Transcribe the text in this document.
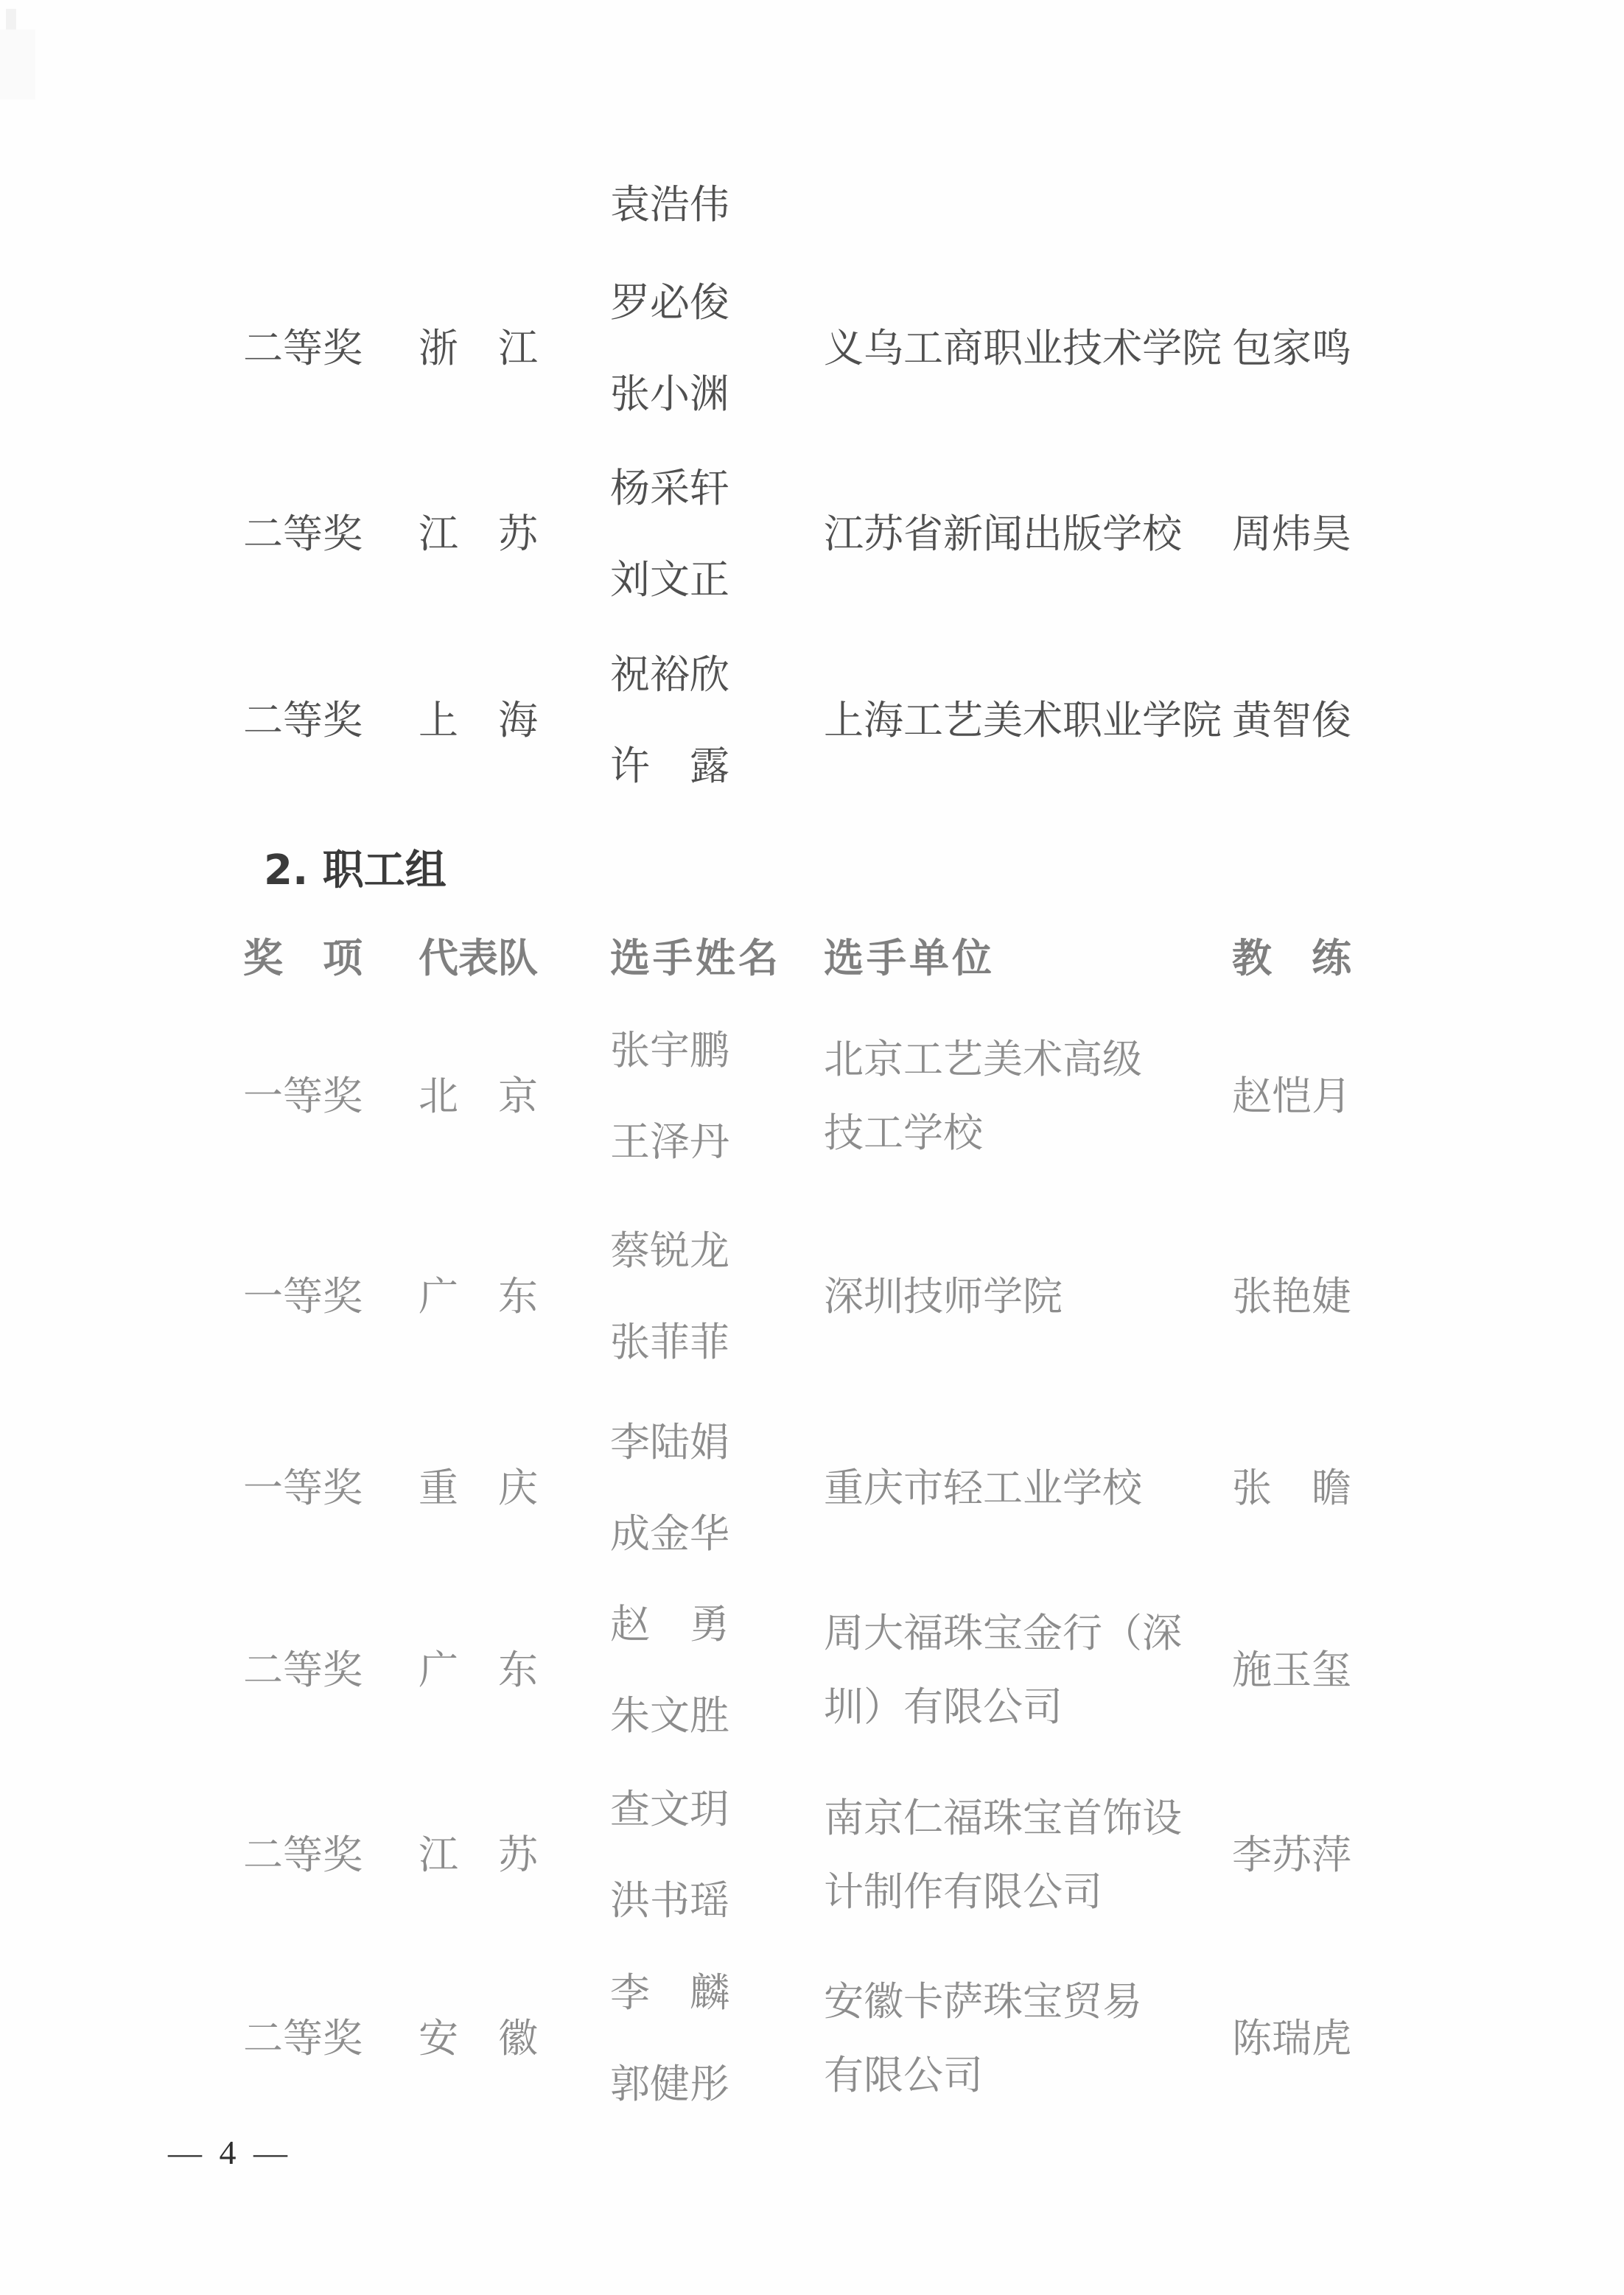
袁浩伟
二等奖 浙　江
罗必俊
张小渊
义乌工商职业技术学院 包家鸣
二等奖 江　苏
杨采轩
刘文正
江苏省新闻出版学校 周炜昊
二等奖 上　海
祝裕欣
许　露
上海工艺美术职业学院 黄智俊
2. 职工组
奖　项 代表队 选手姓名 选手单位	教　练
一等奖 北　京
张宇鹏
王泽丹
北京工艺美术高级
技工学校
赵恺月
一等奖 广　东
蔡锐龙
张菲菲
深圳技师学院	张艳婕
一等奖 重　庆
李陆娟
成金华
重庆市轻工业学校 张　瞻
二等奖 广　东
赵　勇
朱文胜
周大福珠宝金行（深
圳）有限公司
施玉玺
二等奖 江　苏
查文玥
洪书瑶
南京仁福珠宝首饰设
计制作有限公司
李苏萍
二等奖 安　徽
李　麟
郭健彤
安徽卡萨珠宝贸易
有限公司
陈瑞虎
— 4 —
